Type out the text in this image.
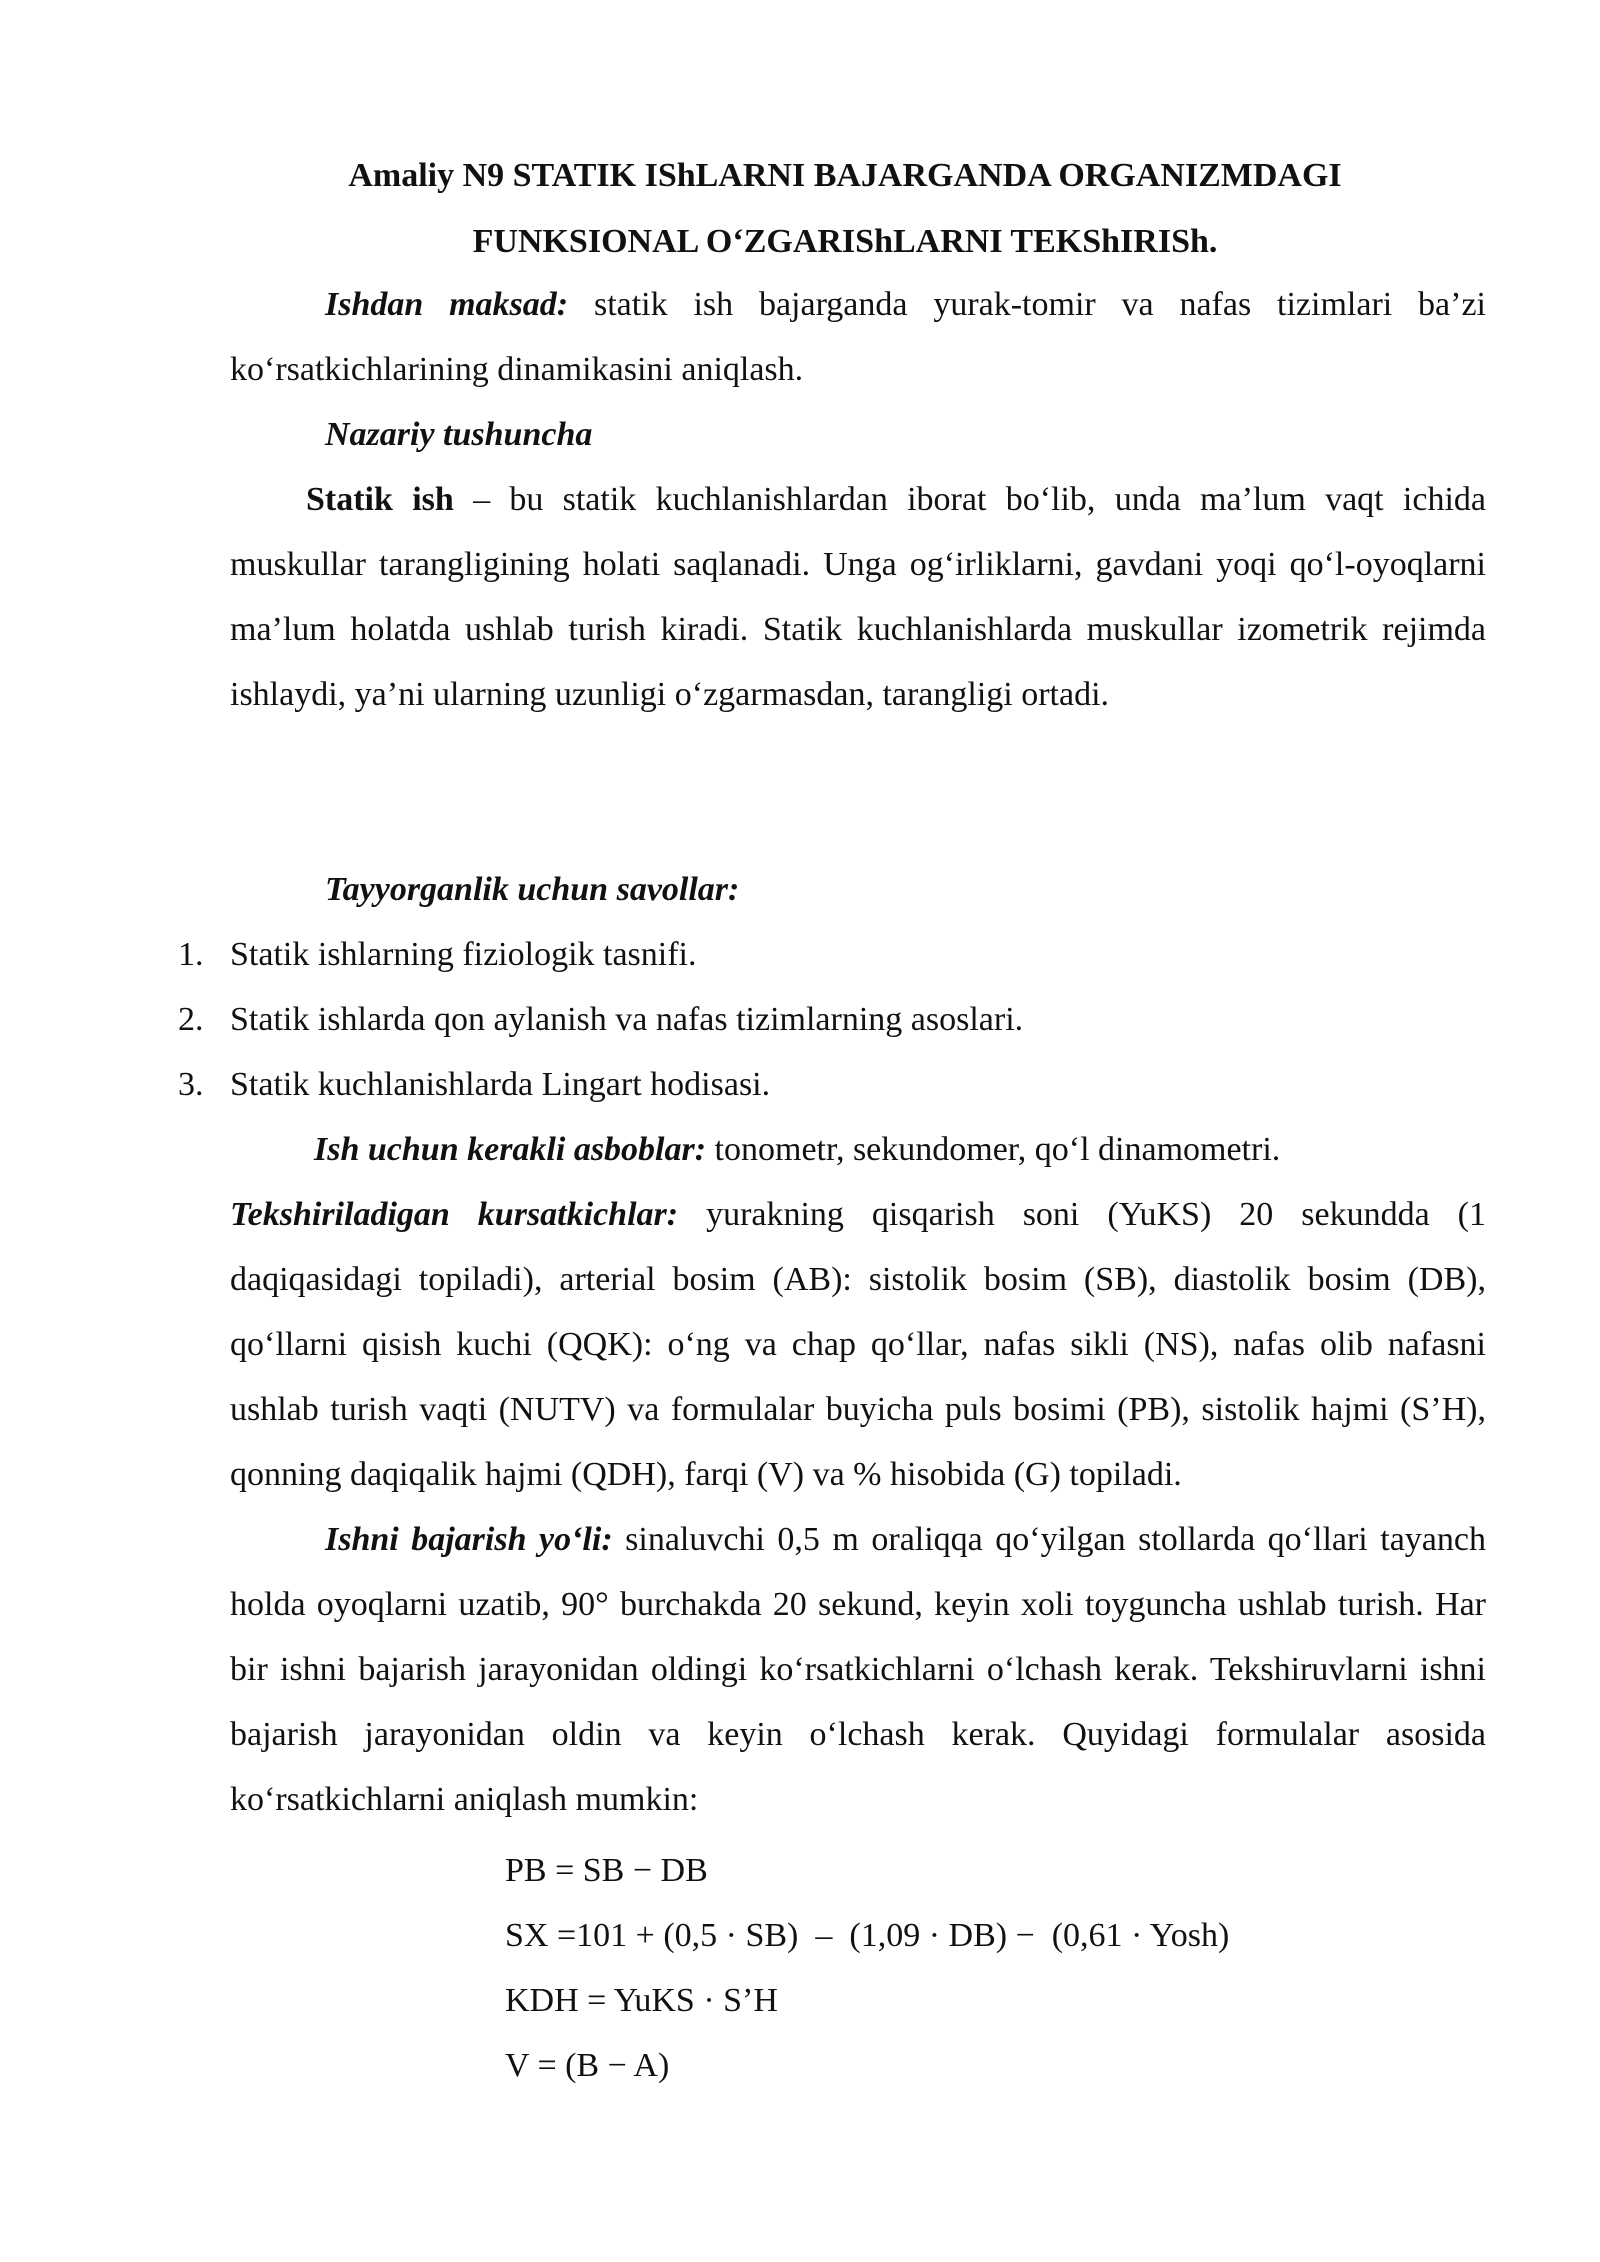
Amaliy N9 STATIK IShLARNI BAJARGANDA ORGANIZMDAGI
FUNKSIONAL O‘ZGARIShLARNI TEKShIRISh.

Ishdan maksad: statik ish bajarganda yurak-tomir va nafas tizimlari ba’zi ko‘rsatkichlarining dinamikasini aniqlash.

Nazariy tushuncha

Statik ish – bu statik kuchlanishlardan iborat bo‘lib, unda ma’lum vaqt ichida muskullar tarangligining holati saqlanadi. Unga og‘irliklarni, gavdani yoqi qo‘l-oyoqlarni ma’lum holatda ushlab turish kiradi. Statik kuchlanishlarda muskullar izometrik rejimda ishlaydi, ya’ni ularning uzunligi o‘zgarmasdan, tarangligi ortadi.

Tayyorganlik uchun savollar:
1. Statik ishlarning fiziologik tasnifi.
2. Statik ishlarda qon aylanish va nafas tizimlarning asoslari.
3. Statik kuchlanishlarda Lingart hodisasi.

Ish uchun kerakli asboblar: tonometr, sekundomer, qo‘l dinamometri.

Tekshiriladigan kursatkichlar: yurakning qisqarish soni (YuKS) 20 sekundda (1 daqiqasidagi topiladi), arterial bosim (AB): sistolik bosim (SB), diastolik bosim (DB), qo‘llarni qisish kuchi (QQK): o‘ng va chap qo‘llar, nafas sikli (NS), nafas olib nafasni ushlab turish vaqti (NUTV) va formulalar buyicha puls bosimi (PB), sistolik hajmi (S’H), qonning daqiqalik hajmi (QDH), farqi (V) va % hisobida (G) topiladi.

Ishni bajarish yo‘li: sinaluvchi 0,5 m oraliqqa qo‘yilgan stollarda qo‘llari tayanch holda oyoqlarni uzatib, 90° burchakda 20 sekund, keyin xoli toyguncha ushlab turish. Har bir ishni bajarish jarayonidan oldingi ko‘rsatkichlarni o‘lchash kerak. Tekshiruvlarni ishni bajarish jarayonidan oldin va keyin o‘lchash kerak. Quyidagi formulalar asosida ko‘rsatkichlarni aniqlash mumkin:

PB = SB − DB
SX =101 + (0,5 · SB)  –  (1,09 · DB) −  (0,61 · Yosh)
KDH = YuKS · S’H
V = (B − A)
